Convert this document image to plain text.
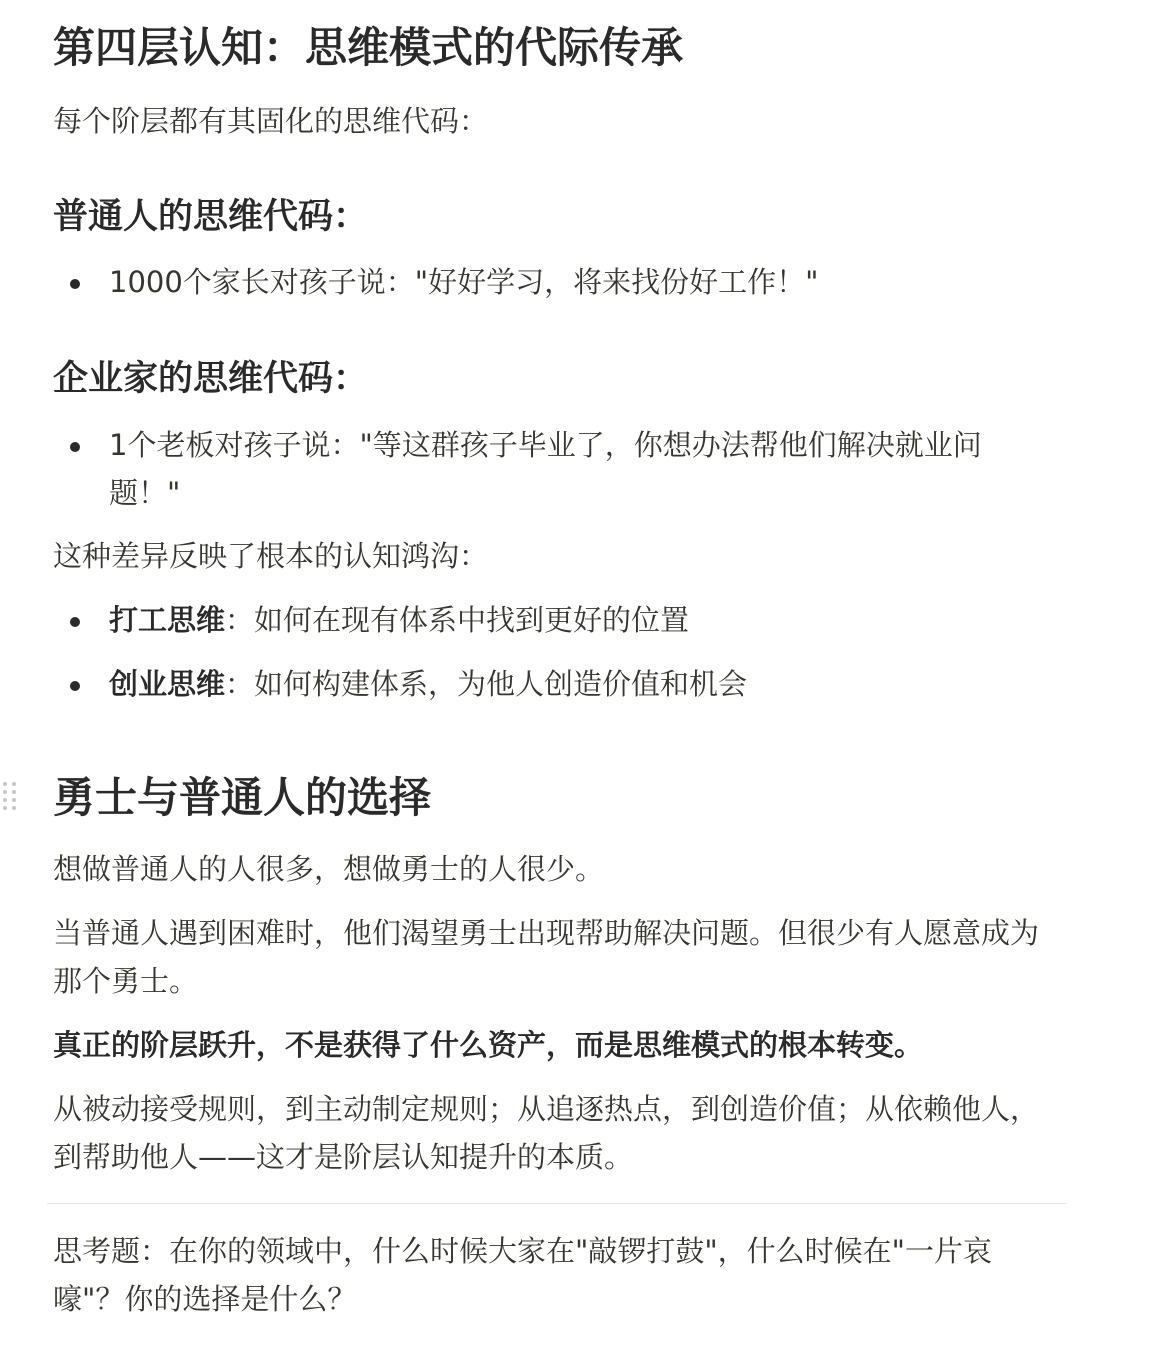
第四层认知：思维模式的代际传承

每个阶层都有其固化的思维代码：

普通人的思维代码：
1000个家长对孩子说："好好学习，将来找份好工作！"
企业家的思维代码：
1个老板对孩子说："等这群孩子毕业了，你想办法帮他们解决就业问题！"

这种差异反映了根本的认知鸿沟：

打工思维：如何在现有体系中找到更好的位置
创业思维：如何构建体系，为他人创造价值和机会
勇士与普通人的选择

想做普通人的人很多，想做勇士的人很少。

当普通人遇到困难时，他们渴望勇士出现帮助解决问题。但很少有人愿意成为那个勇士。

真正的阶层跃升，不是获得了什么资产，而是思维模式的根本转变。

从被动接受规则，到主动制定规则；从追逐热点，到创造价值；从依赖他人，到帮助他人——这才是阶层认知提升的本质。

思考题：在你的领域中，什么时候大家在"敲锣打鼓"，什么时候在"一片哀嚎"？你的选择是什么？
